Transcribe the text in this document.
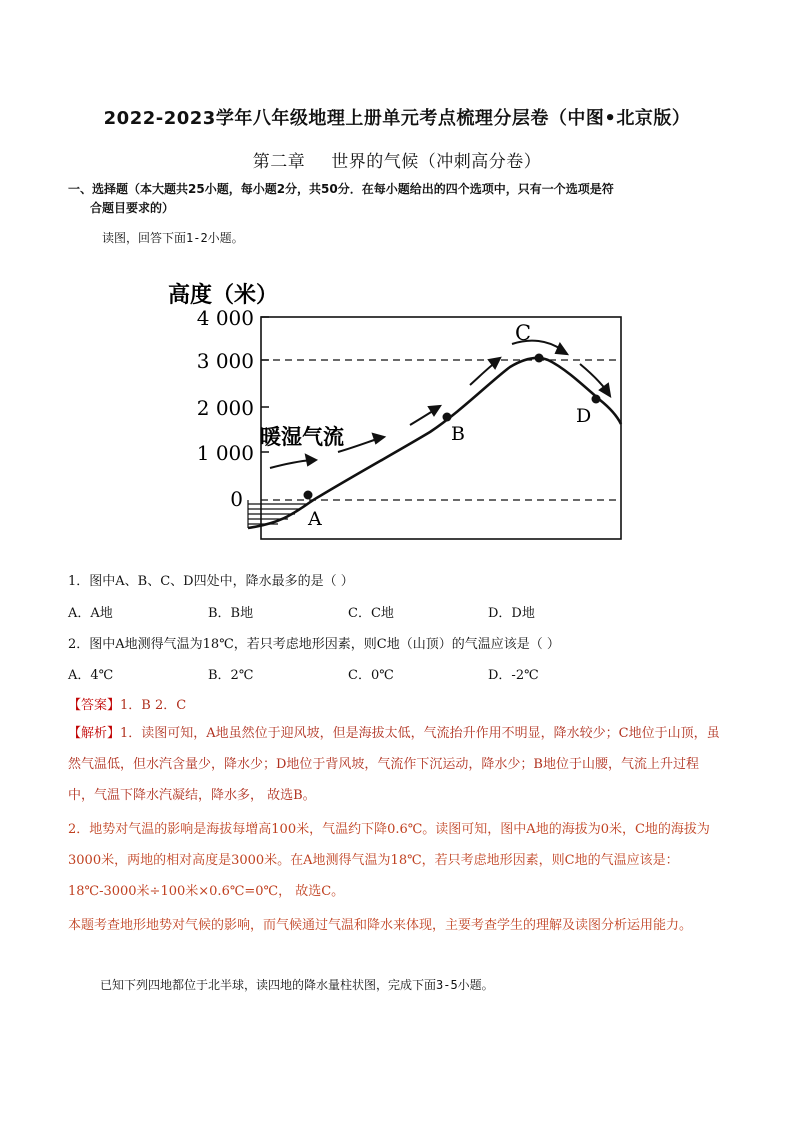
2022-2023学年八年级地理上册单元考点梳理分层卷（中图•北京版）
第二章 世界的气候（冲刺高分卷）
一、选择题（本大题共25小题，每小题2分，共50分．在每小题给出的四个选项中，只有一个选项是符
合题目要求的）
读图，回答下面1-2小题。
高度（米）
4 000
3 000
2 000
1 000
0
暖湿气流
A
B
C
D
1．图中A、B、C、D四处中，降水最多的是（ ）
A．A地	B．B地	C．C地	D．D地
2．图中A地测得气温为18℃，若只考虑地形因素，则C地（山顶）的气温应该是（ ）
A．4℃	B．2℃	C．0℃	D．-2℃
【答案】1．B 2．C
【解析】1．读图可知，A地虽然位于迎风坡，但是海拔太低，气流抬升作用不明显，降水较少；C地位于山顶，虽然气温低，但水汽含量少，降水少；D地位于背风坡，气流作下沉运动，降水少；B地位于山腰，气流上升过程中，气温下降水汽凝结，降水多， 故选B。
2．地势对气温的影响是海拔每增高100米，气温约下降0.6℃。读图可知，图中A地的海拔为0米，C地的海拔为3000米，两地的相对高度是3000米。在A地测得气温为18℃，若只考虑地形因素，则C地的气温应该是：18℃-3000米÷100米×0.6℃=0℃， 故选C。
本题考查地形地势对气候的影响，而气候通过气温和降水来体现，主要考查学生的理解及读图分析运用能力。
已知下列四地都位于北半球，读四地的降水量柱状图，完成下面3-5小题。
